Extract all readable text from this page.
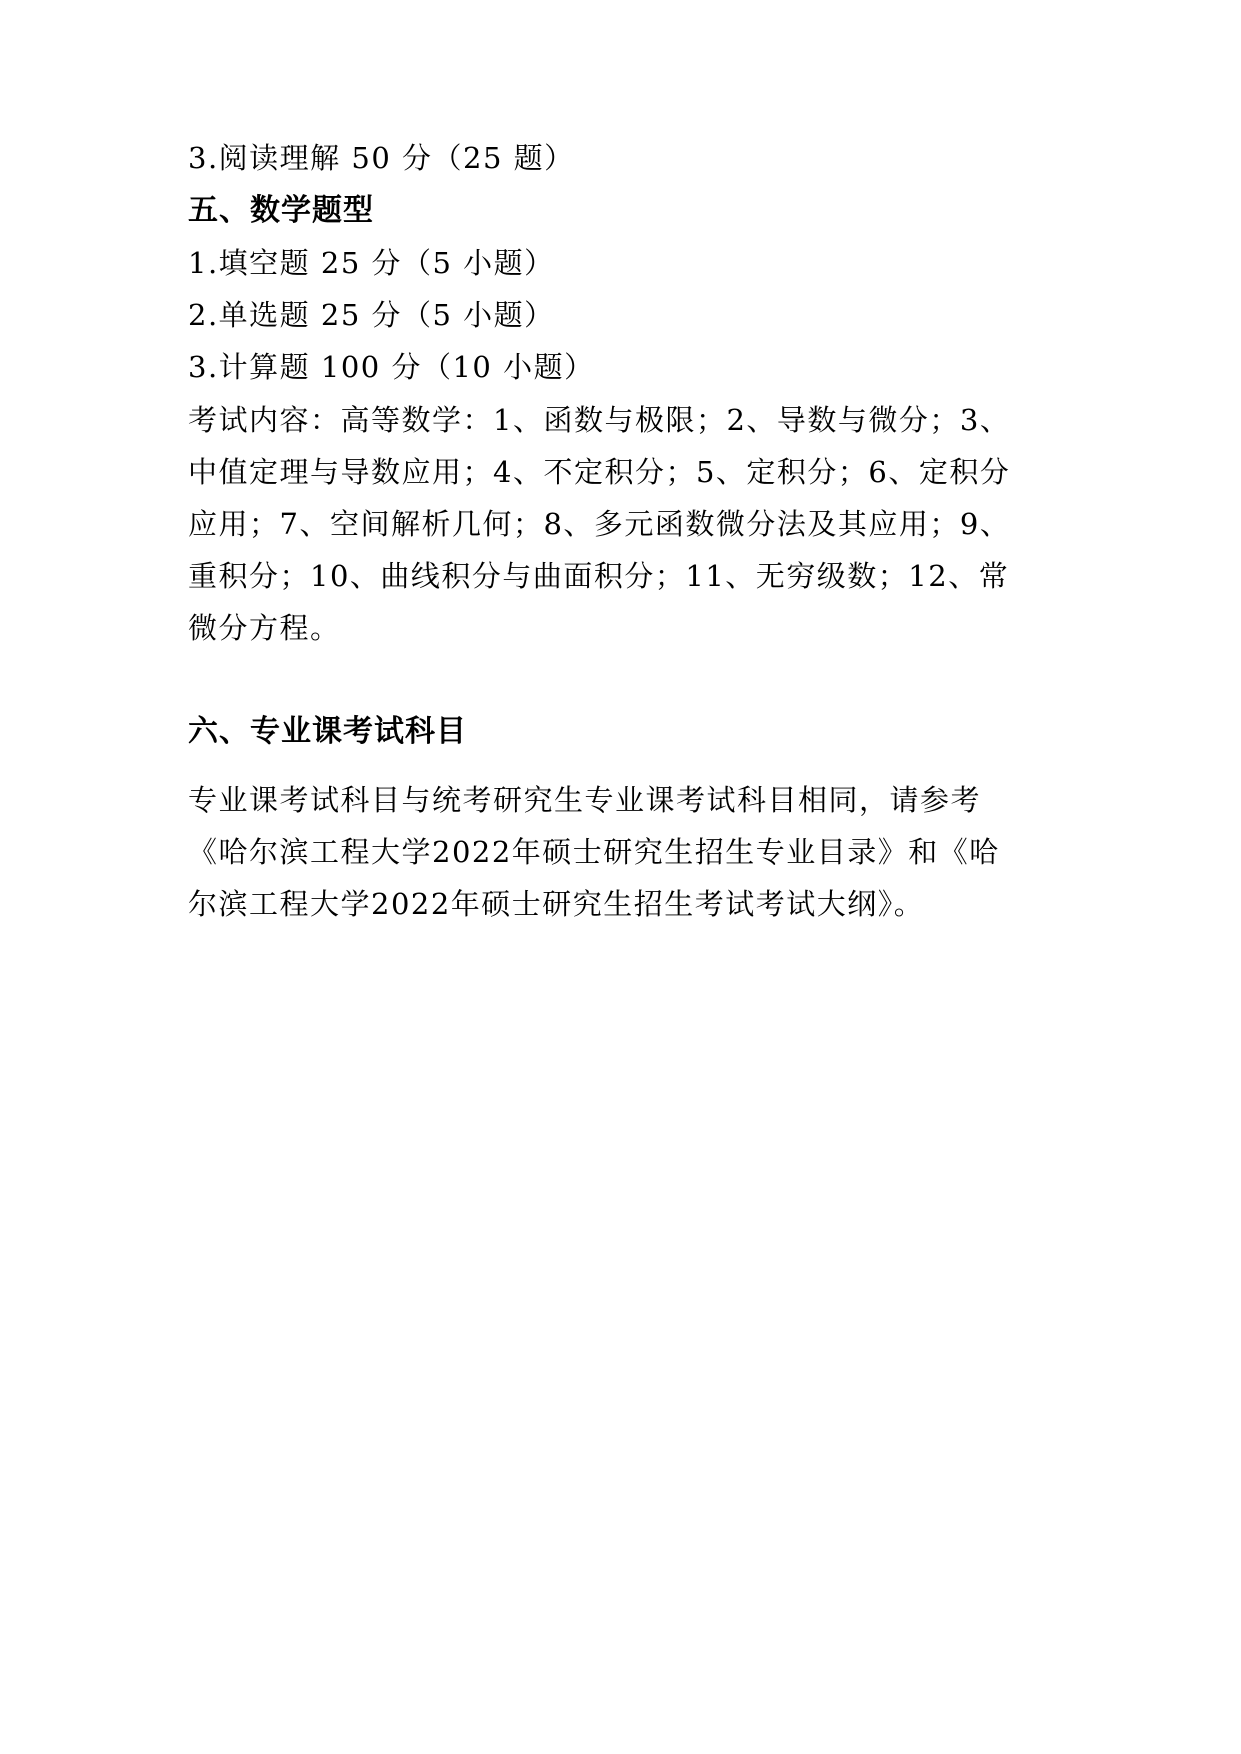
3.阅读理解 50 分（25 题）
五、数学题型
1.填空题 25 分（5 小题）
2.单选题 25 分（5 小题）
3.计算题 100 分（10 小题）
考试内容：高等数学：1、函数与极限；2、导数与微分；3、
中值定理与导数应用；4、不定积分；5、定积分；6、定积分
应用；7、空间解析几何；8、多元函数微分法及其应用；9、
重积分；10、曲线积分与曲面积分；11、无穷级数；12、常
微分方程。
六、专业课考试科目
专业课考试科目与统考研究生专业课考试科目相同，请参考
《哈尔滨工程大学2022年硕士研究生招生专业目录》和《哈
尔滨工程大学2022年硕士研究生招生考试考试大纲》。
